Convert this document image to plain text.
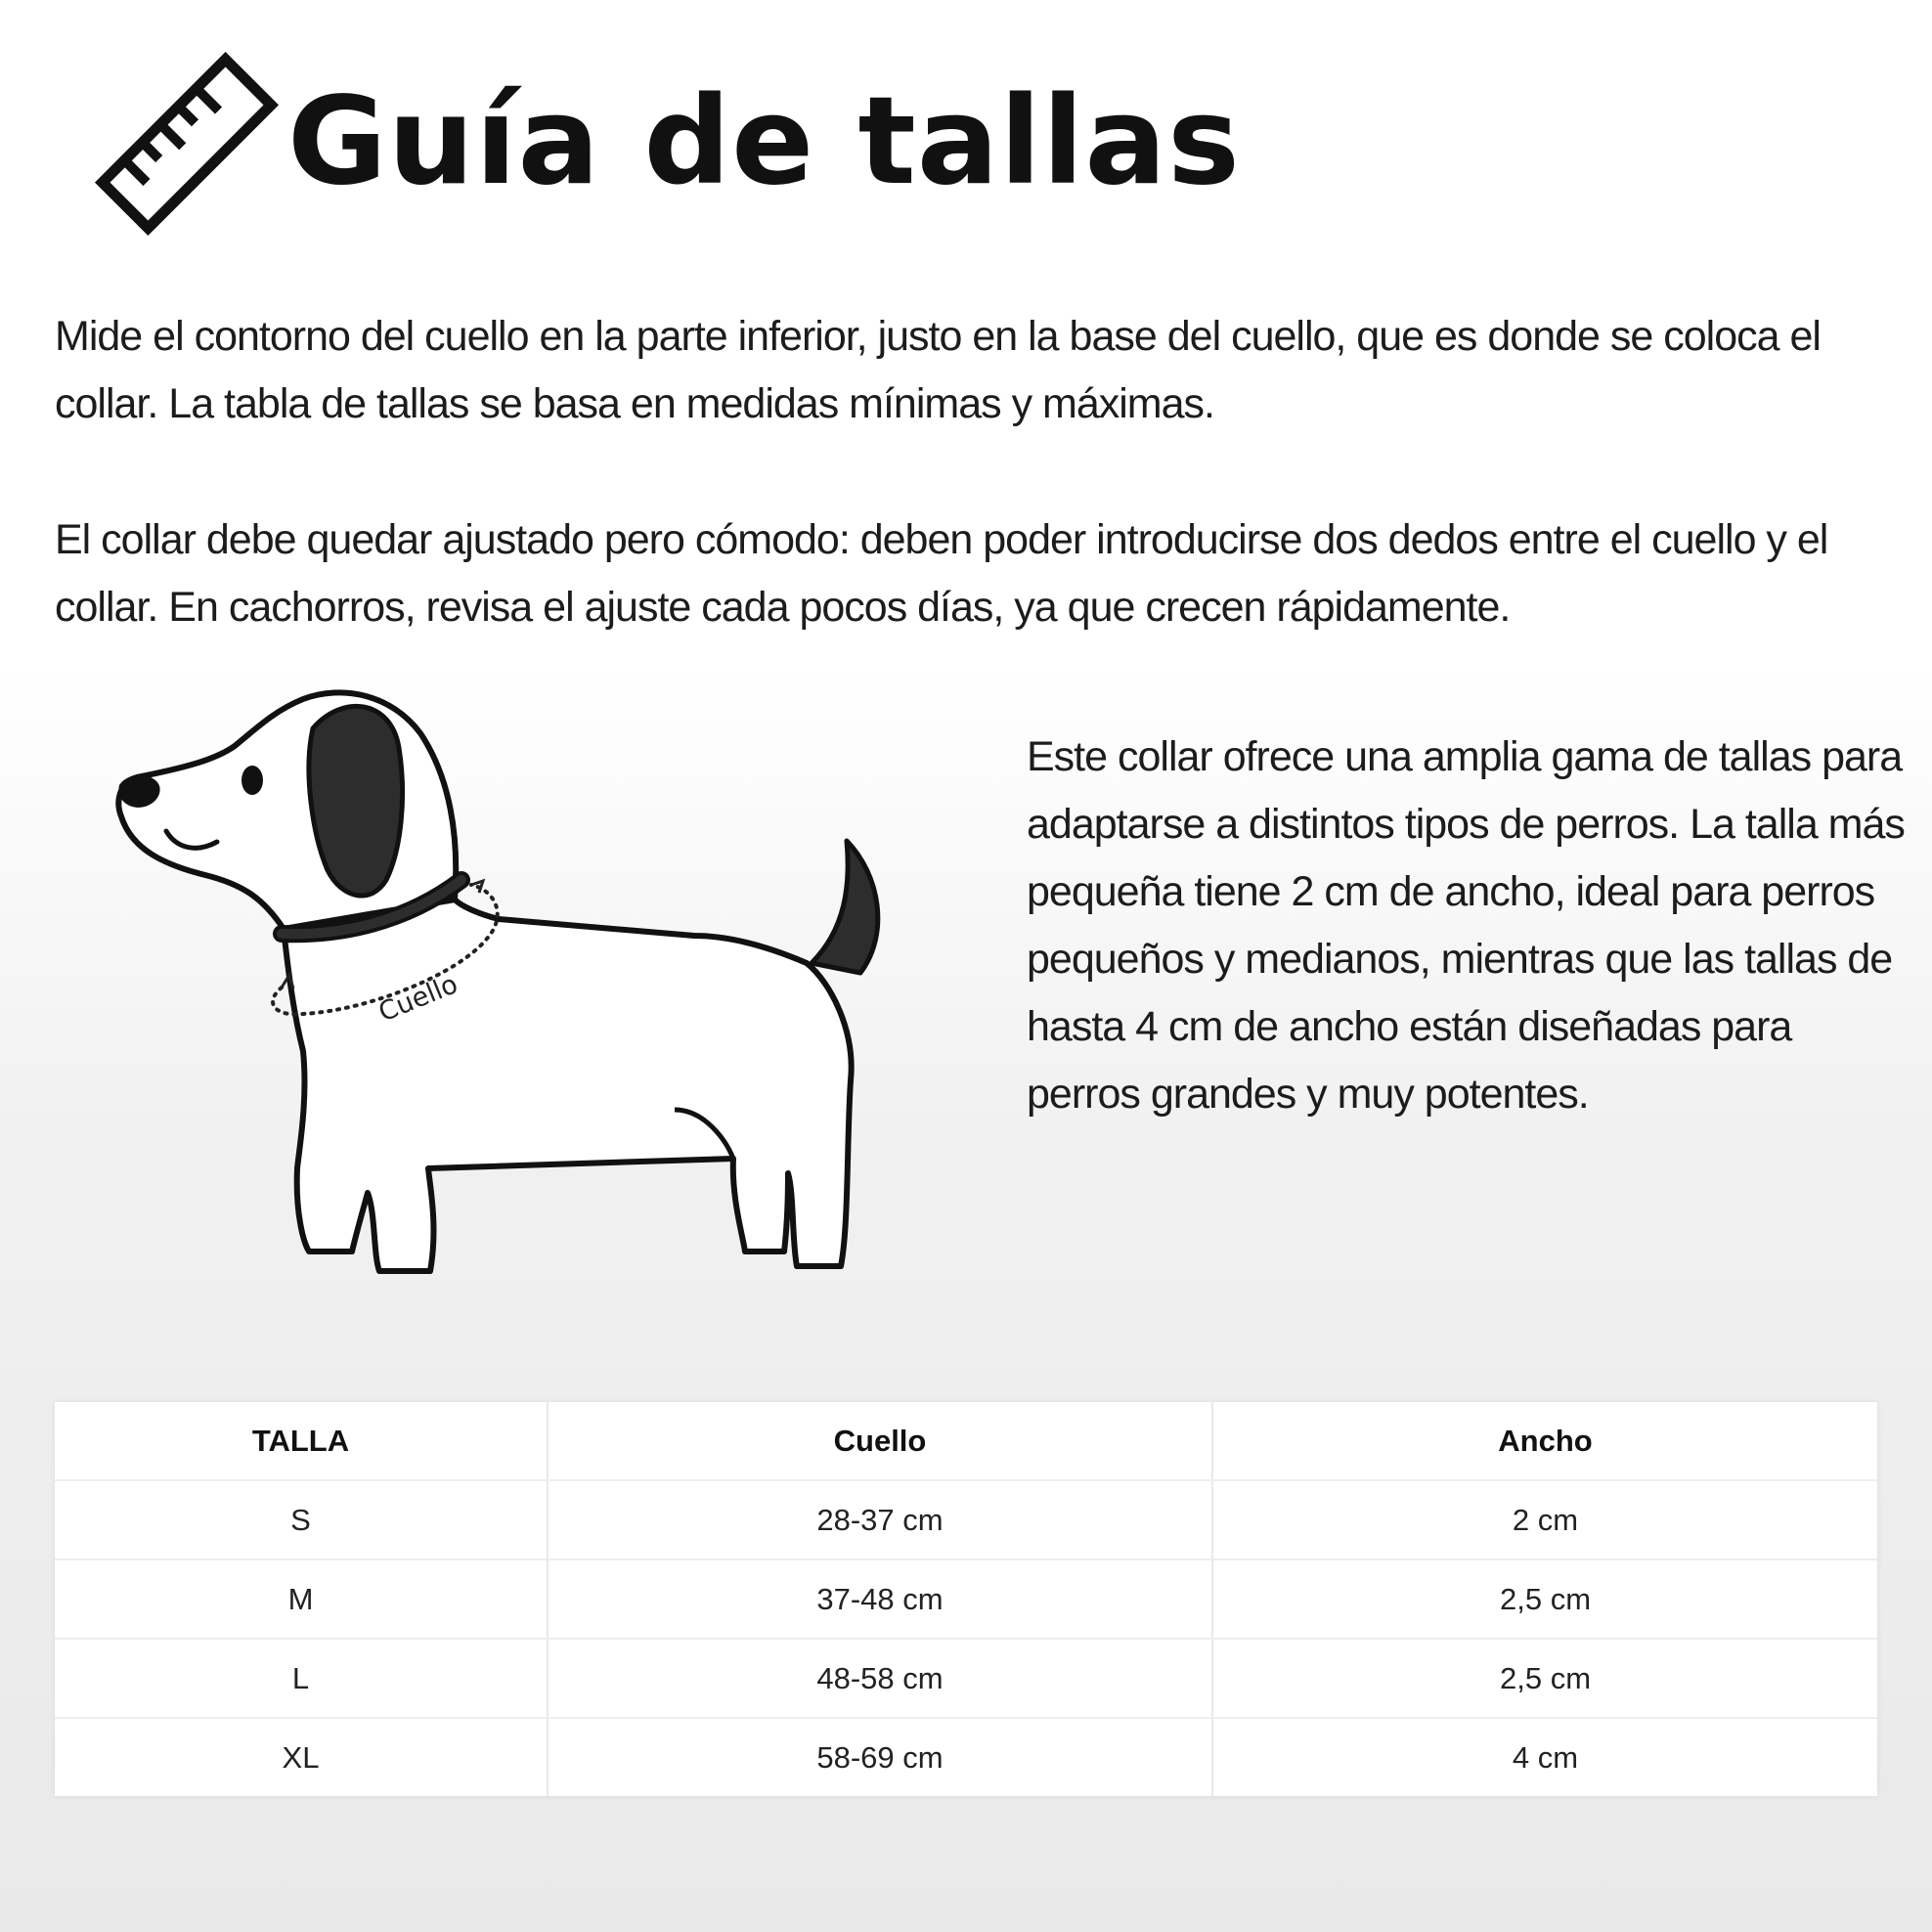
Guía de tallas

Mide el contorno del cuello en la parte inferior, justo en la base del cuello, que es donde se coloca el collar. La tabla de tallas se basa en medidas mínimas y máximas.

El collar debe quedar ajustado pero cómodo: deben poder introducirse dos dedos entre el cuello y el collar. En cachorros, revisa el ajuste cada pocos días, ya que crecen rápidamente.

Cuello

Este collar ofrece una amplia gama de tallas para adaptarse a distintos tipos de perros. La talla más pequeña tiene 2 cm de ancho, ideal para perros pequeños y medianos, mientras que las tallas de hasta 4 cm de ancho están diseñadas para perros grandes y muy potentes.

TALLA	Cuello	Ancho
S	28-37 cm	2 cm
M	37-48 cm	2,5 cm
L	48-58 cm	2,5 cm
XL	58-69 cm	4 cm
